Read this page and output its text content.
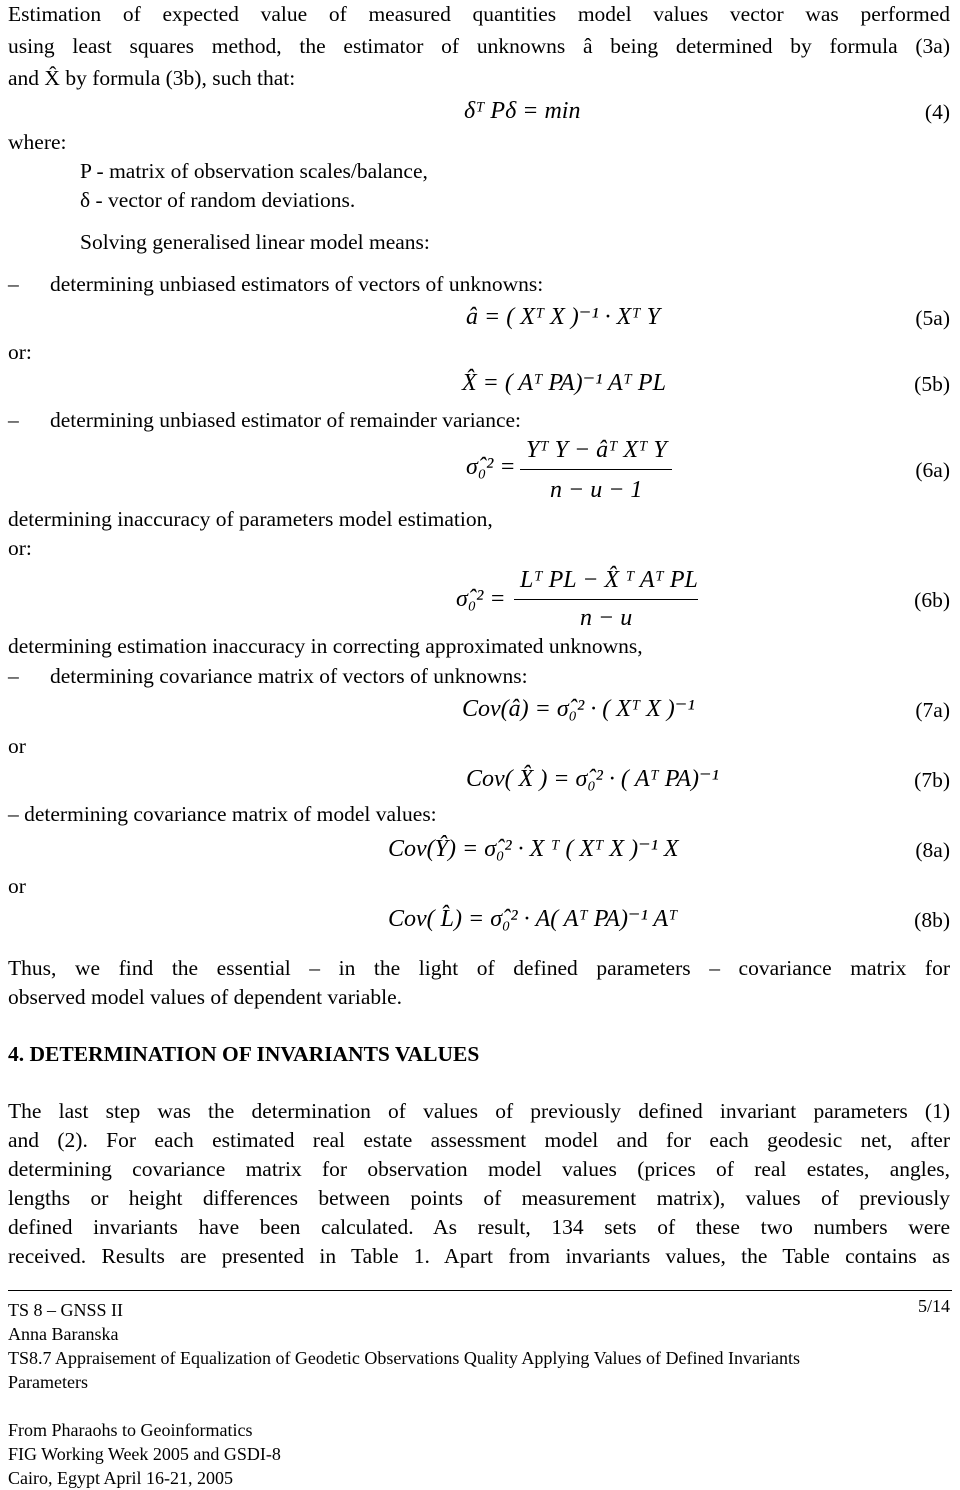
Estimation of expected value of measured quantities model values vector was performed
using least squares method, the estimator of unknowns â being determined by formula (3a)
and X̂ by formula (3b), such that:
δᵀ Pδ = min	(4)
where:
P - matrix of observation scales/balance,
δ - vector of random deviations.
Solving generalised linear model means:
– determining unbiased estimators of vectors of unknowns:
â = ( Xᵀ X )⁻¹ · Xᵀ Y	(5a)
or:
X̂ = ( Aᵀ PA)⁻¹ Aᵀ PL	(5b)
– determining unbiased estimator of remainder variance:
σ̂₀² =
Yᵀ Y − âᵀ Xᵀ Y
n − u − 1
(6a)
determining inaccuracy of parameters model estimation,
or:
σ̂₀² =
Lᵀ PL − X̂ ᵀ Aᵀ PL
n − u
(6b)
determining estimation inaccuracy in correcting approximated unknowns,
– determining covariance matrix of vectors of unknowns:
Cov(â) = σ̂₀² · ( Xᵀ X )⁻¹	(7a)
or
Cov( X̂ ) = σ̂₀² · ( Aᵀ PA)⁻¹	(7b)
– determining covariance matrix of model values:
Cov(Ŷ) = σ̂₀² · X ᵀ ( Xᵀ X )⁻¹ X	(8a)
or
Cov( L̂) = σ̂₀² · A( Aᵀ PA)⁻¹ Aᵀ	(8b)
Thus, we find the essential – in the light of defined parameters – covariance matrix for
observed model values of dependent variable.
4. DETERMINATION OF INVARIANTS VALUES
The last step was the determination of values of previously defined invariant parameters (1)
and (2). For each estimated real estate assessment model and for each geodesic net, after
determining covariance matrix for observation model values (prices of real estates, angles,
lengths or height differences between points of measurement matrix), values of previously
defined invariants have been calculated. As result, 134 sets of these two numbers were
received. Results are presented in Table 1. Apart from invariants values, the Table contains as
TS 8 – GNSS II	5/14
Anna Baranska
TS8.7 Appraisement of Equalization of Geodetic Observations Quality Applying Values of Defined Invariants
Parameters
From Pharaohs to Geoinformatics
FIG Working Week 2005 and GSDI-8
Cairo, Egypt April 16-21, 2005
